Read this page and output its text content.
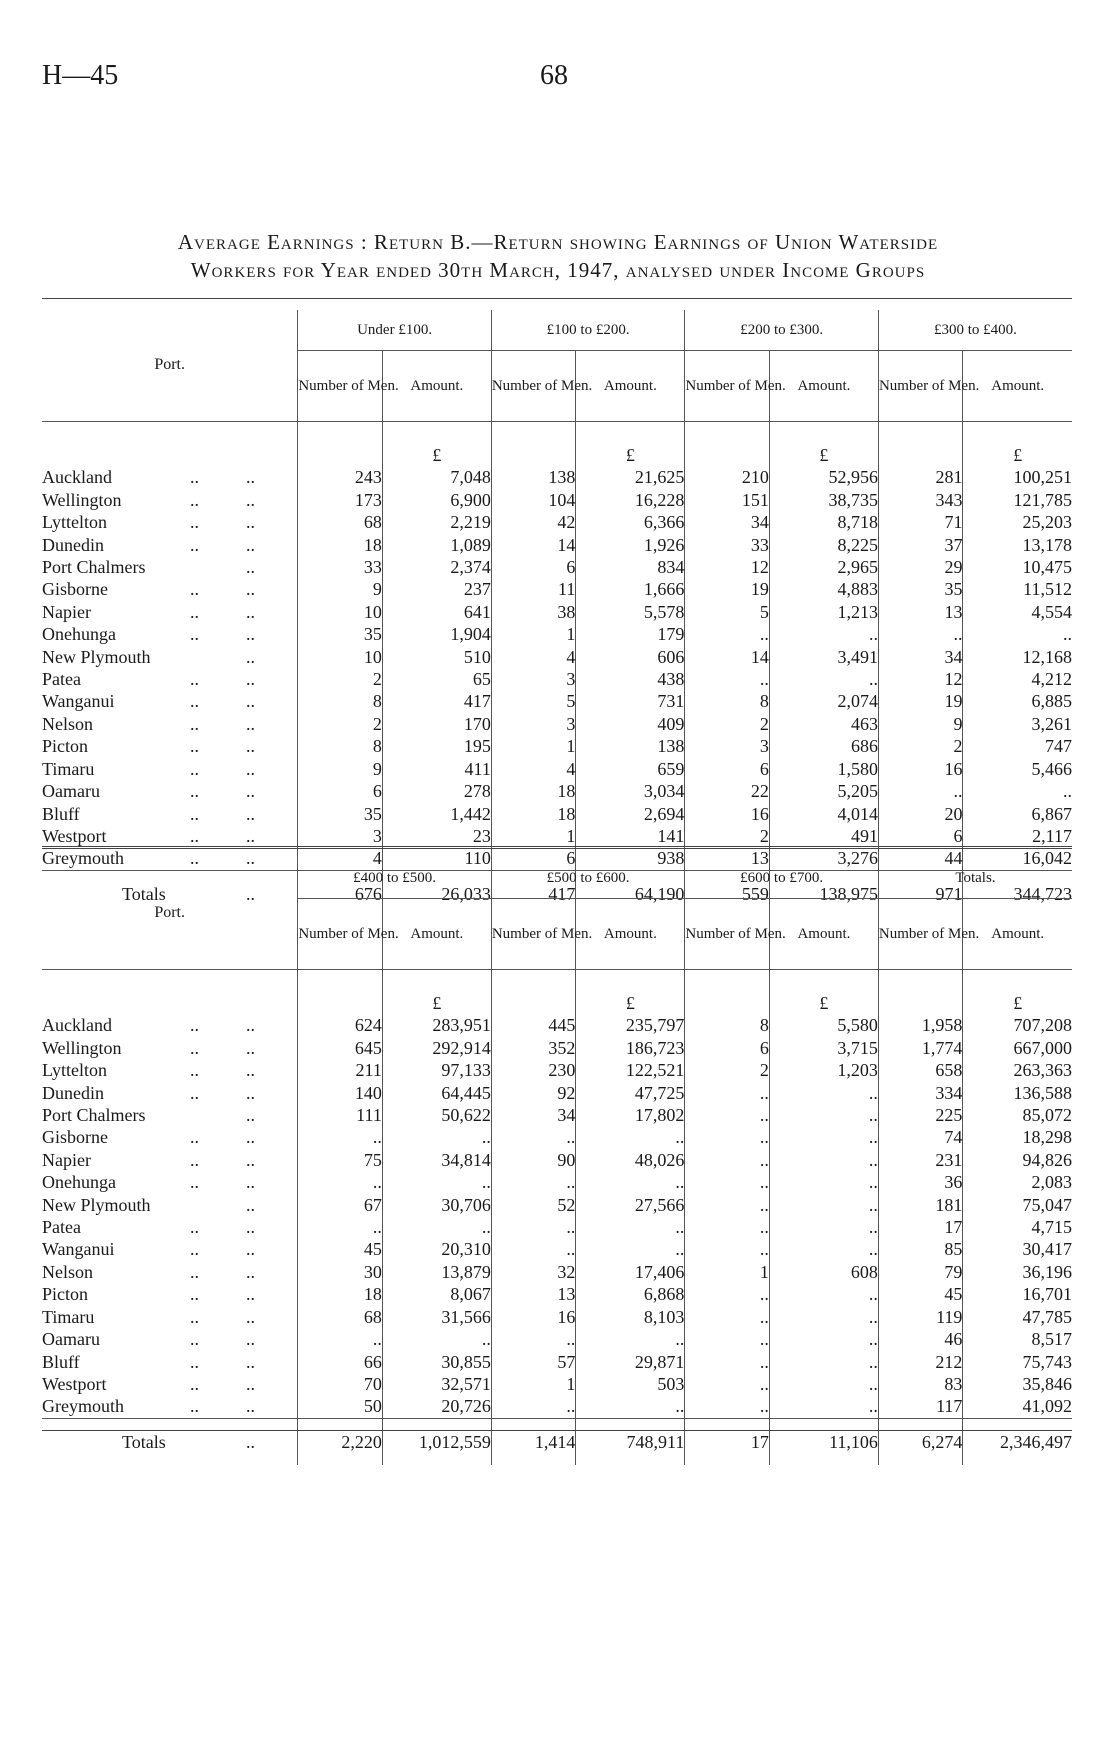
H—45	68
Average Earnings : Return B.—Return showing Earnings of Union Waterside
Workers for Year ended 30th March, 1947, analysed under Income Groups
Port.	Under £100.		£100 to £200.		£200 to £300.		£300 to £400.	
	Number of Men.	Amount.	Number of Men.	Amount.	Number of Men.	Amount.	Number of Men.	Amount.

		£		£		£		£

Auckland .. ..	243	7,048	138	21,625	210	52,956	281	100,251

Wellington .. ..	173	6,900	104	16,228	151	38,735	343	121,785

Lyttelton .. ..	68	2,219	42	6,366	34	8,718	71	25,203

Dunedin .. ..	18	1,089	14	1,926	33	8,225	37	13,178

Port Chalmers ..	33	2,374	6	834	12	2,965	29	10,475

Gisborne .. ..	9	237	11	1,666	19	4,883	35	11,512

Napier .. ..	10	641	38	5,578	5	1,213	13	4,554

Onehunga .. ..	35	1,904	1	179	..	..	..	..

New Plymouth ..	10	510	4	606	14	3,491	34	12,168

Patea .. ..	2	65	3	438	..	..	12	4,212

Wanganui .. ..	8	417	5	731	8	2,074	19	6,885

Nelson .. ..	2	170	3	409	2	463	9	3,261

Picton .. ..	8	195	1	138	3	686	2	747

Timaru .. ..	9	411	4	659	6	1,580	16	5,466

Oamaru .. ..	6	278	18	3,034	22	5,205	..	..

Bluff .. ..	35	1,442	18	2,694	16	4,014	20	6,867

Westport .. ..	3	23	1	141	2	491	6	2,117

Greymouth .. ..	4	110	6	938	13	3,276	44	16,042
Totals ..	676	26,033	417	64,190	559	138,975	971	344,723
Port.	£400 to £500.		£500 to £600.		£600 to £700.		Totals.	
	Number of Men.	Amount.	Number of Men.	Amount.	Number of Men.	Amount.	Number of Men.	Amount.

		£		£		£		£

Auckland .. ..	624	283,951	445	235,797	8	5,580	1,958	707,208

Wellington .. ..	645	292,914	352	186,723	6	3,715	1,774	667,000

Lyttelton .. ..	211	97,133	230	122,521	2	1,203	658	263,363

Dunedin .. ..	140	64,445	92	47,725	..	..	334	136,588

Port Chalmers ..	111	50,622	34	17,802	..	..	225	85,072

Gisborne .. ..	..	..	..	..	..	..	74	18,298

Napier .. ..	75	34,814	90	48,026	..	..	231	94,826

Onehunga .. ..	..	..	..	..	..	..	36	2,083

New Plymouth ..	67	30,706	52	27,566	..	..	181	75,047

Patea .. ..	..	..	..	..	..	..	17	4,715

Wanganui .. ..	45	20,310	..	..	..	..	85	30,417

Nelson .. ..	30	13,879	32	17,406	1	608	79	36,196

Picton .. ..	18	8,067	13	6,868	..	..	45	16,701

Timaru .. ..	68	31,566	16	8,103	..	..	119	47,785

Oamaru .. ..	..	..	..	..	..	..	46	8,517

Bluff .. ..	66	30,855	57	29,871	..	..	212	75,743

Westport .. ..	70	32,571	1	503	..	..	83	35,846

Greymouth .. ..	50	20,726	..	..	..	..	117	41,092
Totals ..	2,220	1,012,559	1,414	748,911	17	11,106	6,274	2,346,497
